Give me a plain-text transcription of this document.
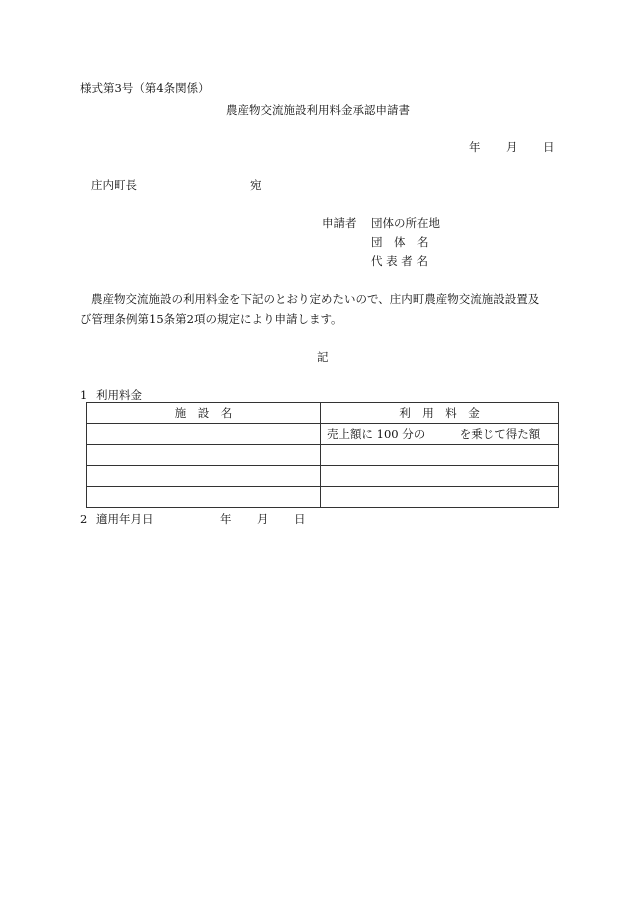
様式第3号（第4条関係）
農産物交流施設利用料金承認申請書
年 月 日
庄内町長	宛
申請者 団体の所在地
団　体　名
代 表 者 名
農産物交流施設の利用料金を下記のとおり定めたいので、庄内町農産物交流施設設置及
び管理条例第15条第2項の規定により申請します。
記
1 利用料金
施　設　名	利　用　料　金
	売上額に 100 分の　　　を乗じて得た額

2 適用年月日	年 月 日
